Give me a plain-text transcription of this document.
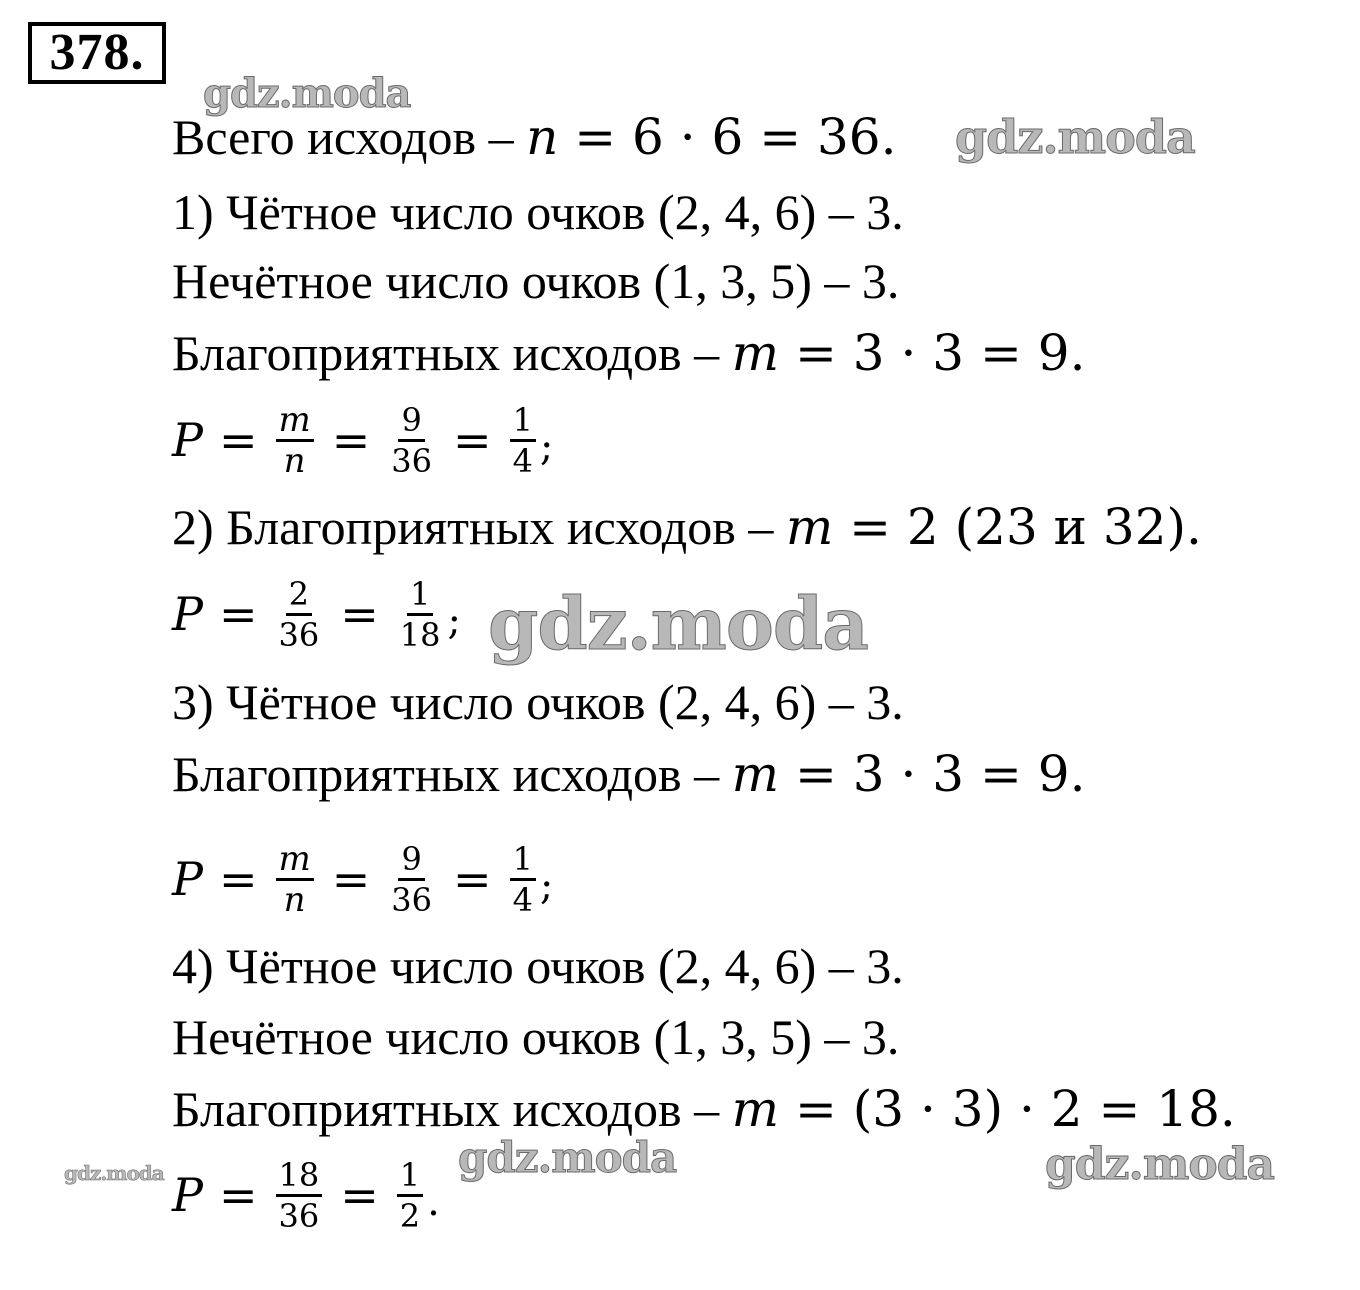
378.
Всего исходов – n = 6 · 6 = 36.
1) Чётное число очков (2, 4, 6) – 3.
Нечётное число очков (1, 3, 5) – 3.
Благоприятных исходов – m = 3 · 3 = 9.
$P = \frac{m}{n} = \frac{9}{36} = \frac{1}{4}$ ;
2) Благоприятных исходов – m = 2 (23 и 32).
$P = \frac{2}{36} = \frac{1}{18}$ ;
3) Чётное число очков (2, 4, 6) – 3.
Благоприятных исходов – m = 3 · 3 = 9.
$P = \frac{m}{n} = \frac{9}{36} = \frac{1}{4}$ ;
4) Чётное число очков (2, 4, 6) – 3.
Нечётное число очков (1, 3, 5) – 3.
Благоприятных исходов – m = (3 · 3) · 2 = 18.
$P = \frac{18}{36} = \frac{1}{2}$ .
gdz.moda
gdz.moda
gdz.moda
gdz.moda	gdz.moda
gdz.moda
